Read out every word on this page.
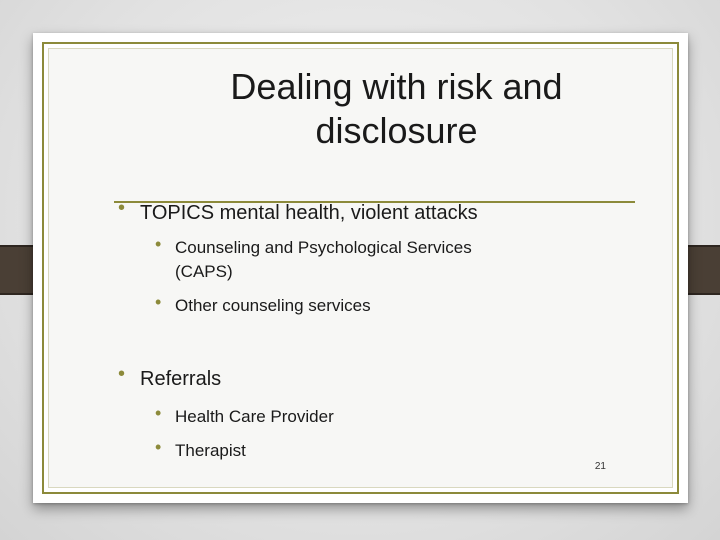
Dealing with risk and disclosure
• TOPICS mental health, violent attacks
• Counseling and Psychological Services
(CAPS)
• Other counseling services
• Referrals
• Health Care Provider
• Therapist
21
